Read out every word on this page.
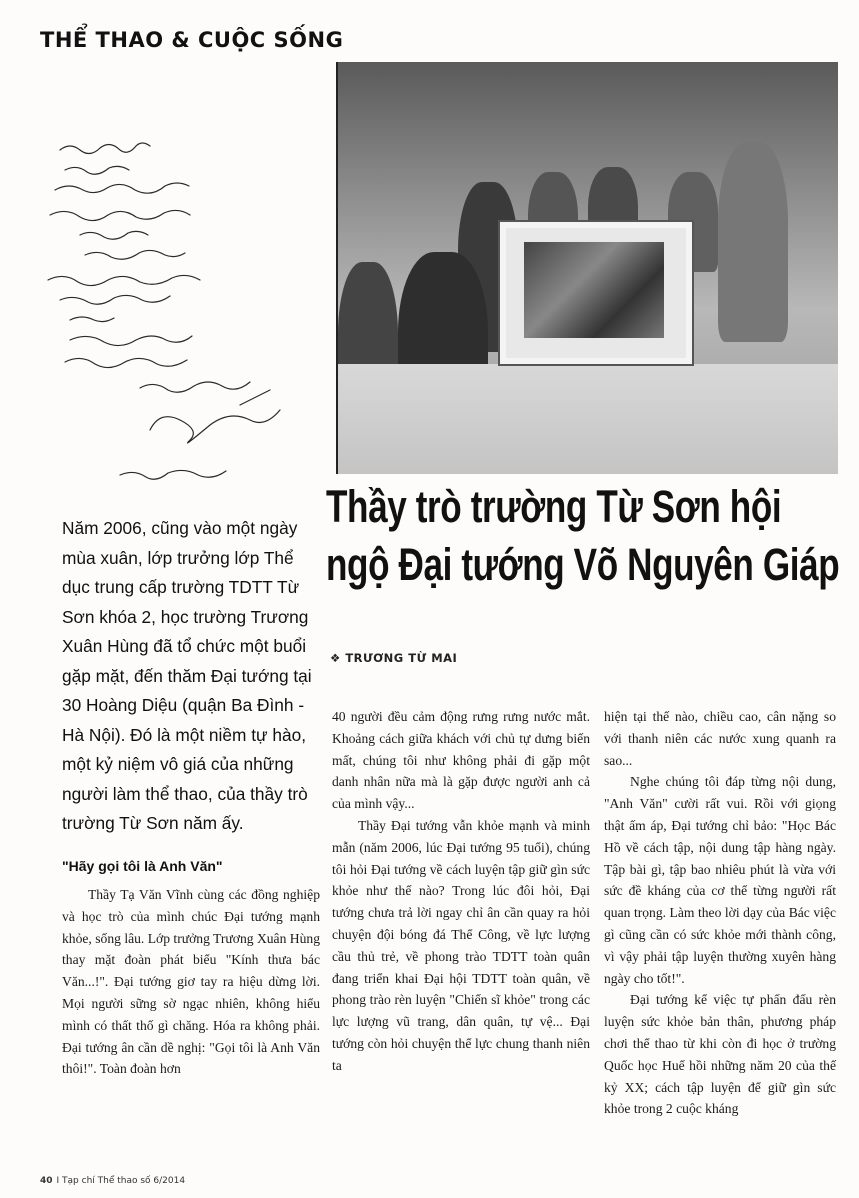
THỂ THAO & CUỘC SỐNG
Thầy trò trường Từ Sơn hội ngộ Đại tướng Võ Nguyên Giáp
❖ TRƯƠNG TỪ MAI
Năm 2006, cũng vào một ngày mùa xuân, lớp trưởng lớp Thể dục trung cấp trường TDTT Từ Sơn khóa 2, học trường Trương Xuân Hùng đã tổ chức một buổi gặp mặt, đến thăm Đại tướng tại 30 Hoàng Diệu (quận Ba Đình - Hà Nội). Đó là một niềm tự hào, một kỷ niệm vô giá của những người làm thể thao, của thầy trò trường Từ Sơn năm ấy.
"Hãy gọi tôi là Anh Văn"

Thầy Tạ Văn Vĩnh cùng các đồng nghiệp và học trò của mình chúc Đại tướng mạnh khỏe, sống lâu. Lớp trưởng Trương Xuân Hùng thay mặt đoàn phát biểu "Kính thưa bác Văn...!". Đại tướng giơ tay ra hiệu dừng lời. Mọi người sững sờ ngạc nhiên, không hiểu mình có thất thố gì chăng. Hóa ra không phải. Đại tướng ân cần dề nghị: "Gọi tôi là Anh Văn thôi!". Toàn đoàn hơn

40 người đều cảm động rưng rưng nước mắt. Khoảng cách giữa khách với chủ tự dưng biến mất, chúng tôi như không phải đi gặp một danh nhân nữa mà là gặp được người anh cả của mình vậy...

Thầy Đại tướng vẫn khỏe mạnh và minh mẫn (năm 2006, lúc Đại tướng 95 tuổi), chúng tôi hỏi Đại tướng về cách luyện tập giữ gìn sức khỏe như thế nào? Trong lúc đôi hỏi, Đại tướng chưa trả lời ngay chỉ ân cần quay ra hỏi chuyện đội bóng đá Thể Công, về lực lượng cầu thủ trẻ, về phong trào TDTT toàn quân đang triển khai Đại hội TDTT toàn quân, về phong trào rèn luyện "Chiến sĩ khỏe" trong các lực lượng vũ trang, dân quân, tự vệ... Đại tướng còn hỏi chuyện thể lực chung thanh niên ta

hiện tại thế nào, chiều cao, cân nặng so với thanh niên các nước xung quanh ra sao...

Nghe chúng tôi đáp từng nội dung, "Anh Văn" cười rất vui. Rồi với giọng thật ấm áp, Đại tướng chỉ bảo: "Học Bác Hồ về cách tập, nội dung tập hàng ngày. Tập bài gì, tập bao nhiêu phút là vừa với sức đề kháng của cơ thể từng người rất quan trọng. Làm theo lời dạy của Bác việc gì cũng cần có sức khỏe mới thành công, vì vậy phải tập luyện thường xuyên hàng ngày cho tốt!".

Đại tướng kể việc tự phấn đấu rèn luyện sức khỏe bản thân, phương pháp chơi thể thao từ khi còn đi học ở trường Quốc học Huế hồi những năm 20 của thế kỷ XX; cách tập luyện để giữ gìn sức khỏe trong 2 cuộc kháng

40 I Tạp chí Thể thao số 6/2014
